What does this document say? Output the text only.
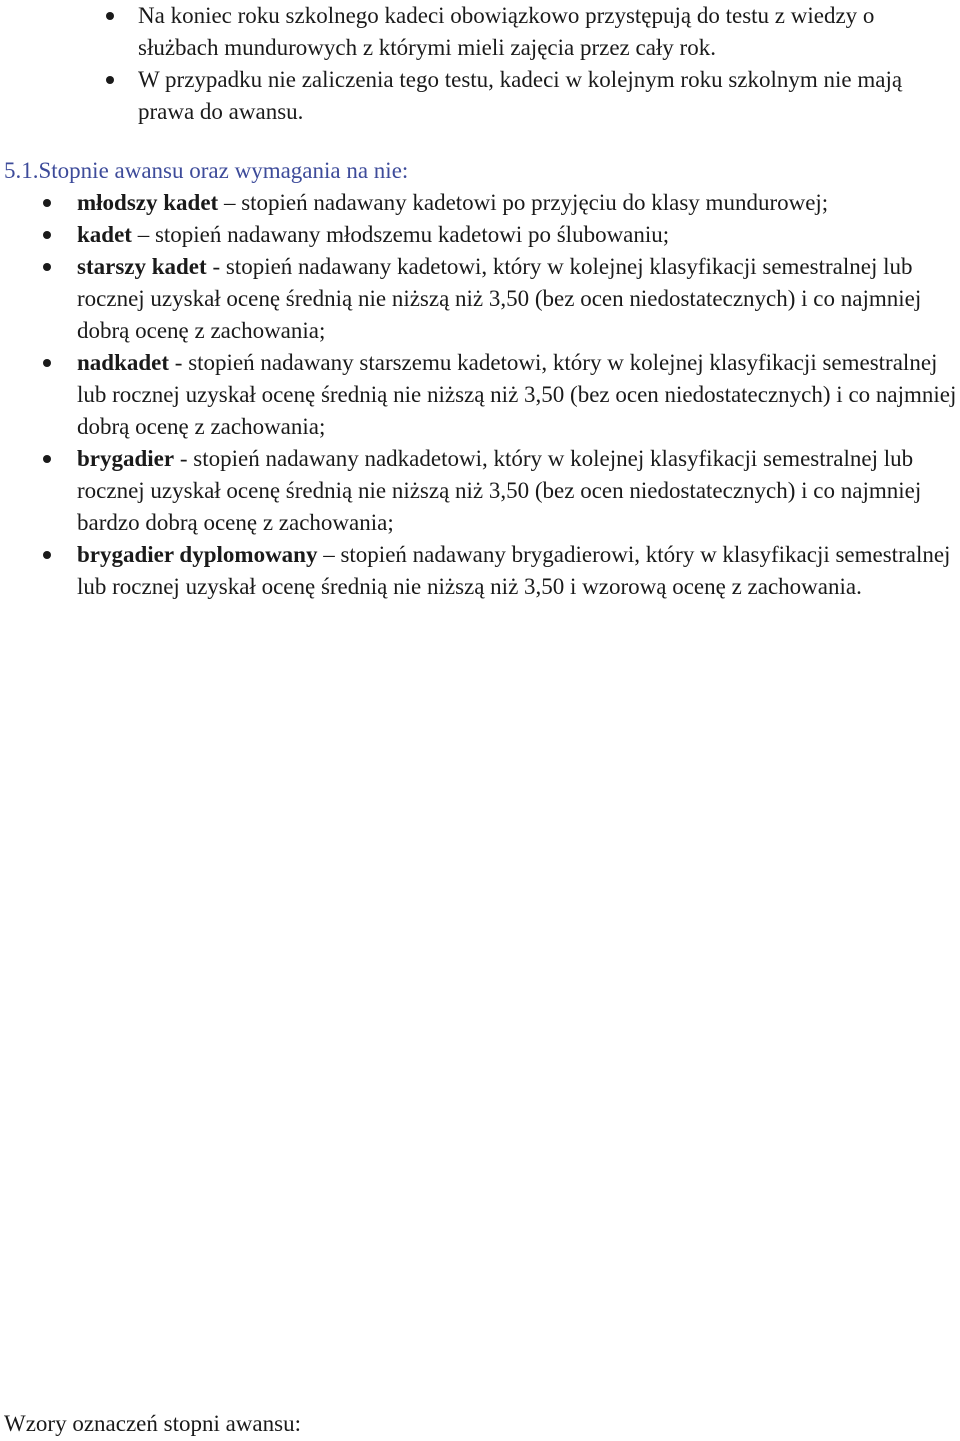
Na koniec roku szkolnego kadeci obowiązkowo przystępują do testu z wiedzy o służbach mundurowych z którymi mieli zajęcia przez cały rok.
W przypadku nie zaliczenia tego testu, kadeci w kolejnym roku szkolnym nie mają prawa do awansu.
5.1.Stopnie awansu oraz wymagania na nie:
młodszy kadet – stopień nadawany kadetowi po przyjęciu do klasy mundurowej;
kadet – stopień nadawany młodszemu kadetowi po ślubowaniu;
starszy kadet - stopień nadawany kadetowi, który w kolejnej klasyfikacji semestralnej lub rocznej uzyskał ocenę średnią nie niższą niż 3,50 (bez ocen niedostatecznych) i co najmniej dobrą ocenę z zachowania;
nadkadet - stopień nadawany starszemu kadetowi, który w kolejnej klasyfikacji semestralnej lub rocznej uzyskał ocenę średnią nie niższą niż 3,50 (bez ocen niedostatecznych) i co najmniej dobrą ocenę z zachowania;
brygadier - stopień nadawany nadkadetowi, który w kolejnej klasyfikacji semestralnej lub rocznej uzyskał ocenę średnią nie niższą niż 3,50 (bez ocen niedostatecznych) i co najmniej bardzo dobrą ocenę z zachowania;
brygadier dyplomowany – stopień nadawany brygadierowi, który w klasyfikacji semestralnej lub rocznej uzyskał ocenę średnią nie niższą niż 3,50 i wzorową ocenę z zachowania.
Wzory oznaczeń stopni awansu:
